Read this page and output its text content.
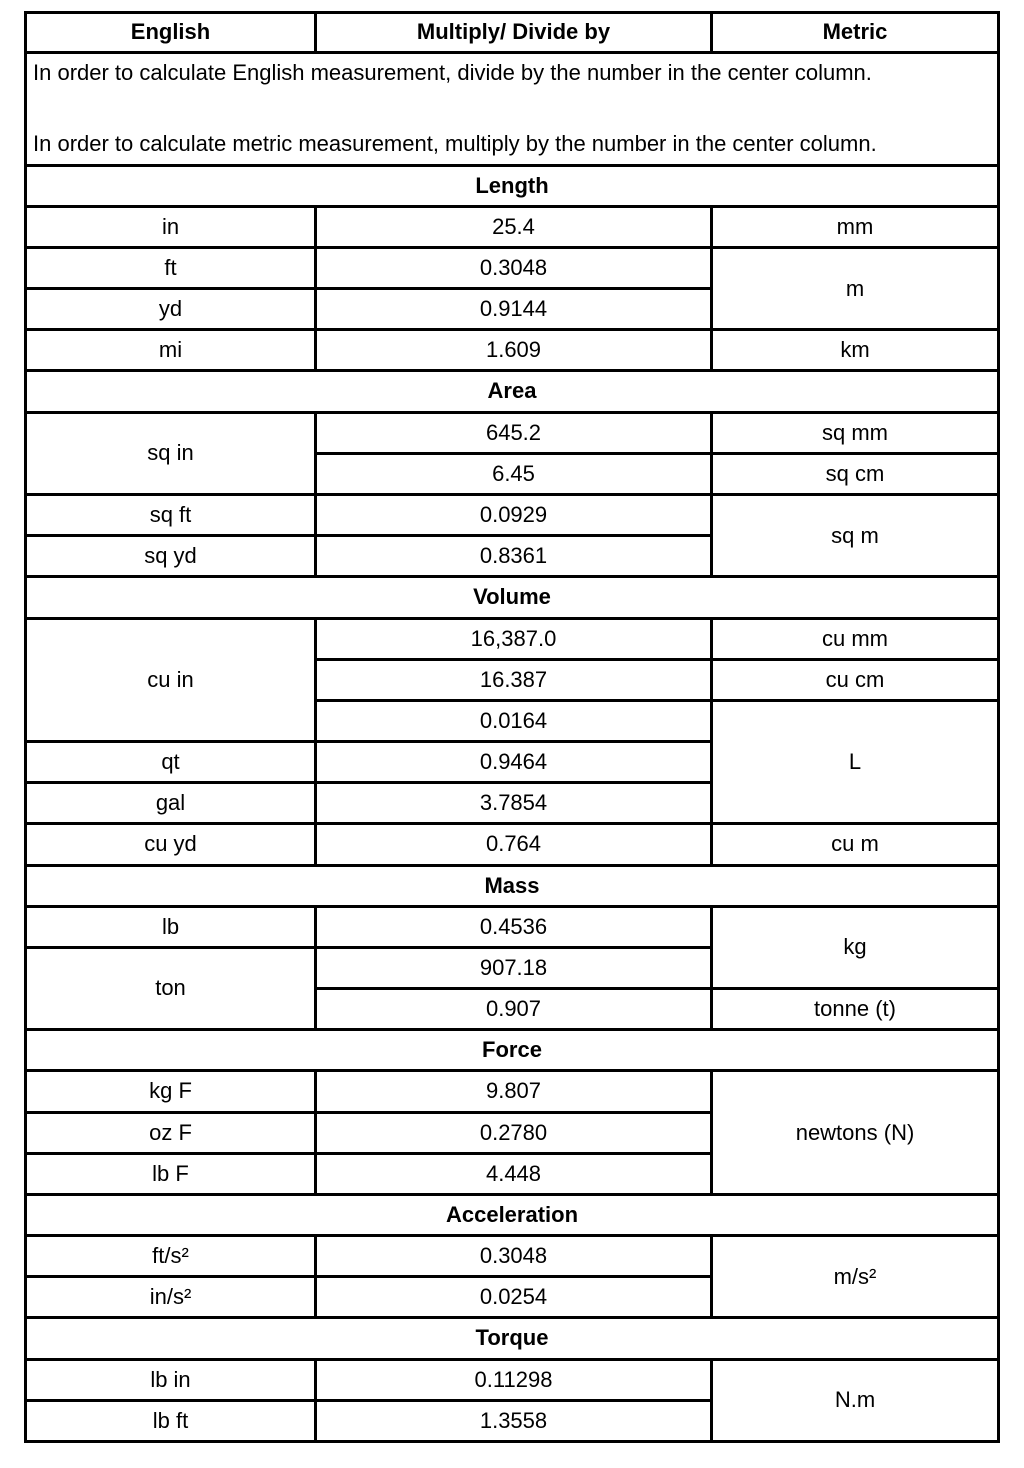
English	Multiply/ Divide by	Metric

In order to calculate English measurement, divide by the number in the center column.
In order to calculate metric measurement, multiply by the number in the center column.		

Length		
in	25.4	mm
ft	0.3048	m
yd	0.9144	
mi	1.609	km
Area		
sq in	645.2	sq mm
	6.45	sq cm
sq ft	0.0929	sq m
sq yd	0.8361	
Volume		
cu in	16,387.0	cu mm
	16.387	cu cm
	0.0164	L
qt	0.9464	
gal	3.7854	
cu yd	0.764	cu m
Mass		
lb	0.4536	kg
ton	907.18	
	0.907	tonne (t)
Force		
kg F	9.807	newtons (N)
oz F	0.2780	
lb F	4.448	
Acceleration		
ft/s²	0.3048	m/s²
in/s²	0.0254	
Torque		
lb in	0.11298	N.m
lb ft	1.3558	
